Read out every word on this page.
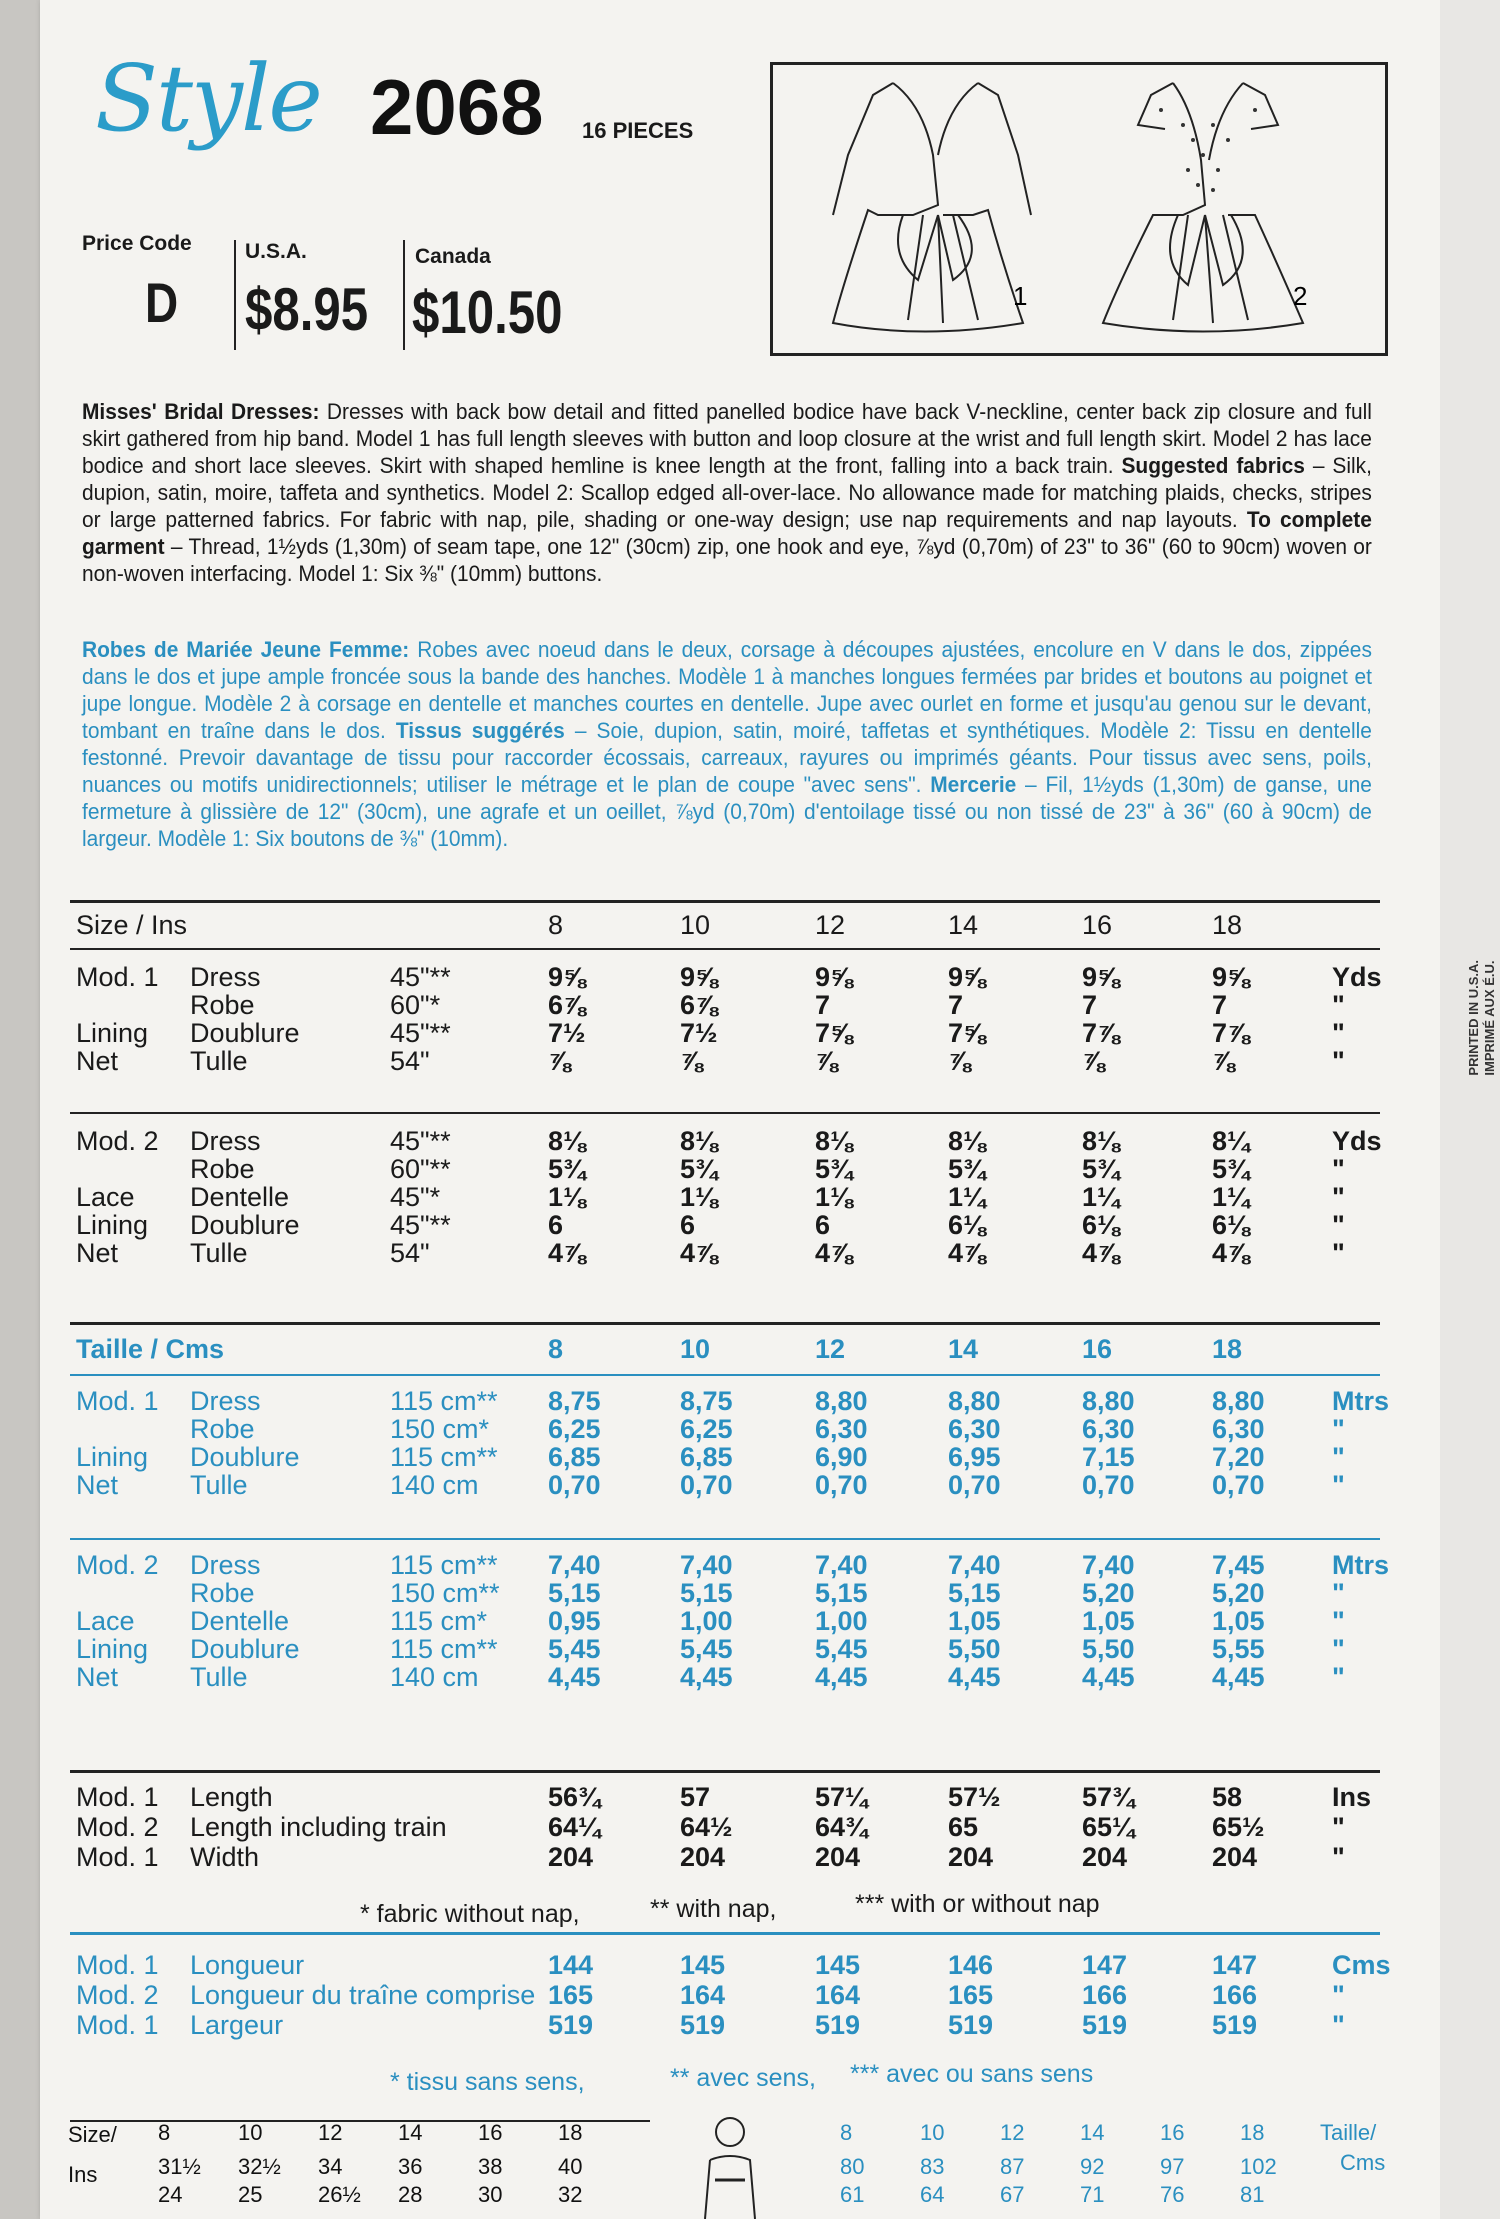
PRINTED IN U.S.A. IMPRIMÉ AUX É.U.
Style 2068 16 PIECES
Price Code
D
U.S.A.
$8.95
Canada
$10.50	1	2
Misses' Bridal Dresses: Dresses with back bow detail and fitted panelled bodice have back V-neckline, center back zip closure and full skirt gathered from hip band. Model 1 has full length sleeves with button and loop closure at the wrist and full length skirt. Model 2 has lace bodice and short lace sleeves. Skirt with shaped hemline is knee length at the front, falling into a back train. Suggested fabrics – Silk, dupion, satin, moire, taffeta and synthetics. Model 2: Scallop edged all-over-lace. No allowance made for matching plaids, checks, stripes or large patterned fabrics. For fabric with nap, pile, shading or one-way design; use nap requirements and nap layouts. To complete garment – Thread, 1½yds (1,30m) of seam tape, one 12" (30cm) zip, one hook and eye, ⅞yd (0,70m) of 23" to 36" (60 to 90cm) woven or non-woven interfacing. Model 1: Six ⅜" (10mm) buttons.
Robes de Mariée Jeune Femme: Robes avec noeud dans le deux, corsage à découpes ajustées, encolure en V dans le dos, zippées dans le dos et jupe ample froncée sous la bande des hanches. Modèle 1 à manches longues fermées par brides et boutons au poignet et jupe longue. Modèle 2 à corsage en dentelle et manches courtes en dentelle. Jupe avec ourlet en forme et jusqu'au genou sur le devant, tombant en traîne dans le dos. Tissus suggérés – Soie, dupion, satin, moiré, taffetas et synthétiques. Modèle 2: Tissu en dentelle festonné. Prevoir davantage de tissu pour raccorder écossais, carreaux, rayures ou imprimés géants. Pour tissus avec sens, poils, nuances ou motifs unidirectionnels; utiliser le métrage et le plan de coupe "avec sens". Mercerie – Fil, 1½yds (1,30m) de ganse, une fermeture à glissière de 12" (30cm), une agrafe et un oeillet, ⅞yd (0,70m) d'entoilage tissé ou non tissé de 23" à 36" (60 à 90cm) de largeur. Modèle 1: Six boutons de ⅜" (10mm).
Size / Ins	8	10	12	14	16	18
Mod. 1 Dress	45"**	9⅝	9⅝	9⅝	9⅝	9⅝	9⅝	Yds
Robe	60"*	6⅞	6⅞	7	7	7	7	"
Lining Doublure	45"**	7½	7½	7⅝	7⅝	7⅞	7⅞	"
Net	Tulle	54"	⅞	⅞	⅞	⅞	⅞	⅞	"
Mod. 2 Dress	45"**	8⅛	8⅛	8⅛	8⅛	8⅛	8¼	Yds
Robe	60"**	5¾	5¾	5¾	5¾	5¾	5¾	"
Lace Dentelle	45"*	1⅛	1⅛	1⅛	1¼	1¼	1¼	"
Lining Doublure	45"**	6	6	6	6⅛	6⅛	6⅛	"
Net	Tulle	54"	4⅞	4⅞	4⅞	4⅞	4⅞	4⅞	"
Taille / Cms	8	10	12	14	16	18
Mod. 1 Dress	115 cm** 8,75	8,75	8,80	8,80	8,80	8,80 Mtrs
Robe	150 cm* 6,25	6,25	6,30	6,30	6,30	6,30 "
Lining Doublure	115 cm** 6,85	6,85	6,90	6,95	7,15	7,20 "
Net	Tulle	140 cm	0,70	0,70	0,70	0,70	0,70	0,70 "
Mod. 2 Dress	115 cm** 7,40	7,40	7,40	7,40	7,40	7,45 Mtrs
Robe	150 cm** 5,15	5,15	5,15	5,15	5,20	5,20 "
Lace Dentelle	115 cm* 0,95	1,00	1,00	1,05	1,05	1,05 "
Lining Doublure	115 cm** 5,45	5,45	5,45	5,50	5,50	5,55 "
Net	Tulle	140 cm	4,45	4,45	4,45	4,45	4,45	4,45 "
Mod. 1 Length	56¾	57	57¼	57½	57¾	58	Ins
Mod. 2 Length including train	64¼	64½	64¾	65	65¼	65½ "
Mod. 1 Width	204	204	204	204	204	204	"
* fabric without nap,	** with nap,	*** with or without nap
Mod. 1 Longueur	144	145	145	146	147	147	Cms
Mod. 2 Longueur du traîne comprise 165	164	164	165	166	166	"
Mod. 1 Largeur	519	519	519	519	519	519	"
* tissu sans sens,	** avec sens, *** avec ou sans sens
Size/
Ins
8	10	12	14	16	18
31½ 32½ 34	36	38	40
24	25	26½ 28	30	32
Taille/
Cms
8	10	12	14	16	18
80	83	87	92	97	102
61	64	67	71	76	81
